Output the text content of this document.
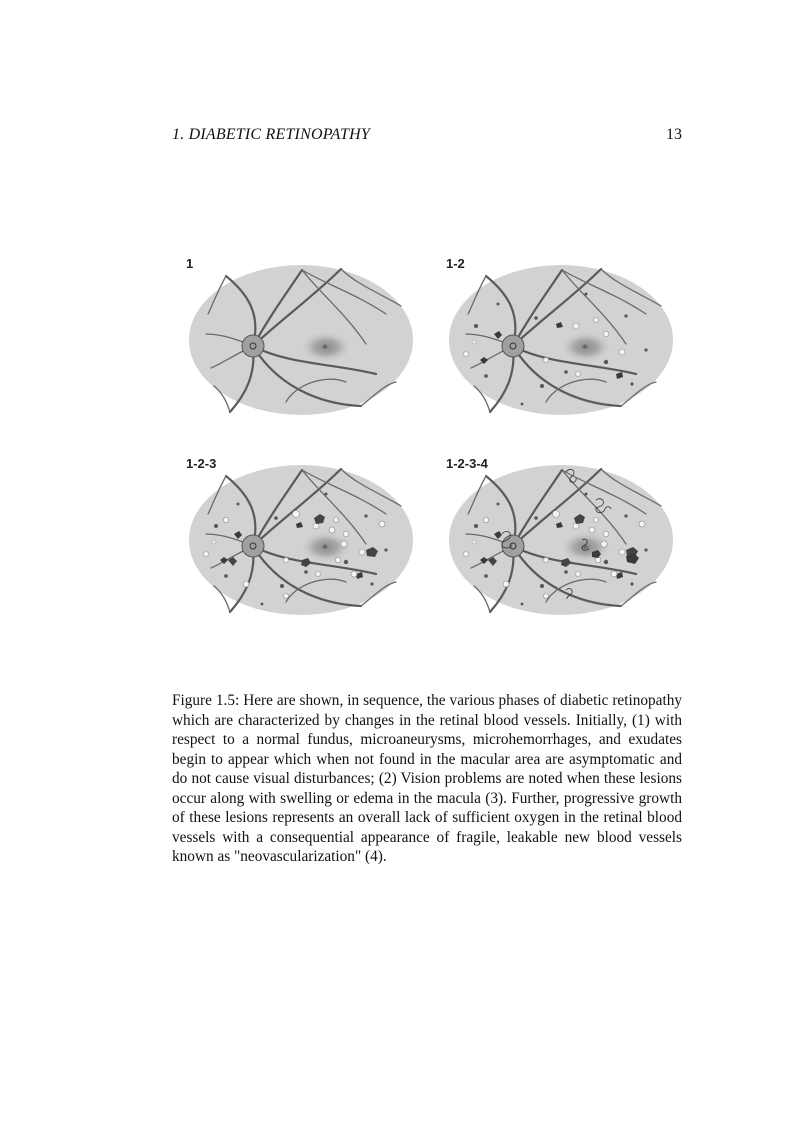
1. DIABETIC RETINOPATHY	13
1	1-2
1-2-3	1-2-3-4

Figure 1.5: Here are shown, in sequence, the various phases of diabetic retinopathy which are characterized by changes in the retinal blood vessels. Initially, (1) with respect to a normal fundus, microaneurysms, microhemorrhages, and exudates begin to appear which when not found in the macular area are asymptomatic and do not cause visual disturbances; (2) Vision problems are noted when these lesions occur along with swelling or edema in the macula (3). Further, progressive growth of these lesions represents an overall lack of sufficient oxygen in the retinal blood vessels with a consequential appearance of fragile, leakable new blood vessels known as "neovascularization" (4).
